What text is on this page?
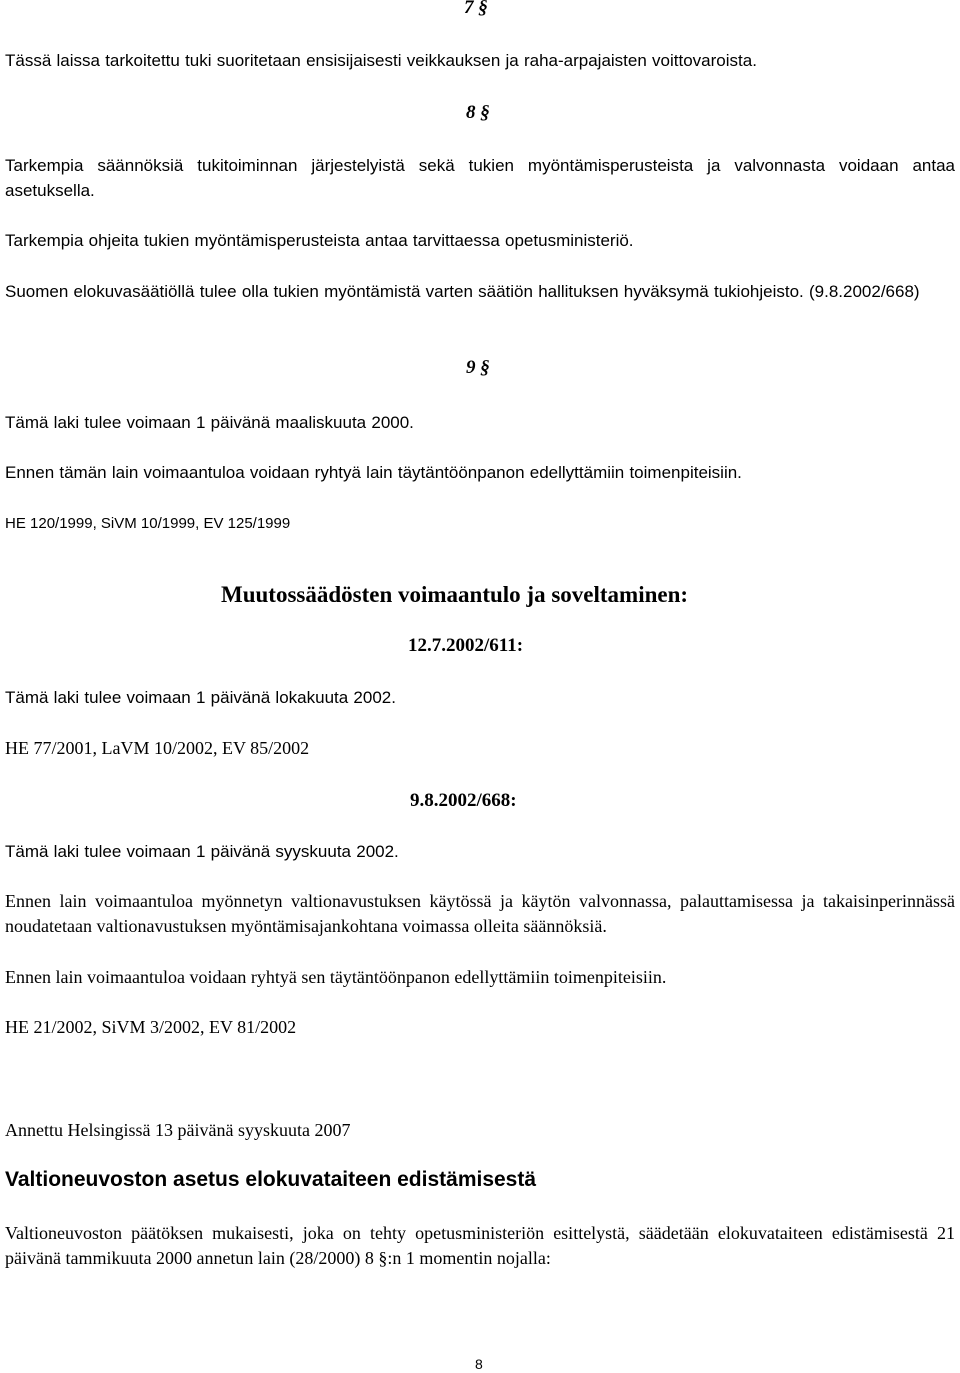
7 §

Tässä laissa tarkoitettu tuki suoritetaan ensisijaisesti veikkauksen ja raha-arpajaisten voittovaroista.

8 §

Tarkempia säännöksiä tukitoiminnan järjestelyistä sekä tukien myöntämisperusteista ja valvonnasta voidaan antaa asetuksella.

Tarkempia ohjeita tukien myöntämisperusteista antaa tarvittaessa opetusministeriö.

Suomen elokuvasäätiöllä tulee olla tukien myöntämistä varten säätiön hallituksen hyväksymä tukiohjeisto. (9.8.2002/668)

9 §

Tämä laki tulee voimaan 1 päivänä maaliskuuta 2000.

Ennen tämän lain voimaantuloa voidaan ryhtyä lain täytäntöönpanon edellyttämiin toimenpiteisiin.

HE 120/1999, SiVM 10/1999, EV 125/1999

Muutossäädösten voimaantulo ja soveltaminen:
12.7.2002/611:

Tämä laki tulee voimaan 1 päivänä lokakuuta 2002.

HE 77/2001, LaVM 10/2002, EV 85/2002

9.8.2002/668:

Tämä laki tulee voimaan 1 päivänä syyskuuta 2002.

Ennen lain voimaantuloa myönnetyn valtionavustuksen käytössä ja käytön valvonnassa, palauttamisessa ja takaisinperinnässä noudatetaan valtionavustuksen myöntämisajankohtana voimassa olleita säännöksiä.

Ennen lain voimaantuloa voidaan ryhtyä sen täytäntöönpanon edellyttämiin toimenpiteisiin.

HE 21/2002, SiVM 3/2002, EV 81/2002

Annettu Helsingissä 13 päivänä syyskuuta 2007

Valtioneuvoston asetus elokuvataiteen edistämisestä

Valtioneuvoston päätöksen mukaisesti, joka on tehty opetusministeriön esittelystä, säädetään elokuvataiteen edistämisestä 21 päivänä tammikuuta 2000 annetun lain (28/2000) 8 §:n 1 momentin nojalla:

8
